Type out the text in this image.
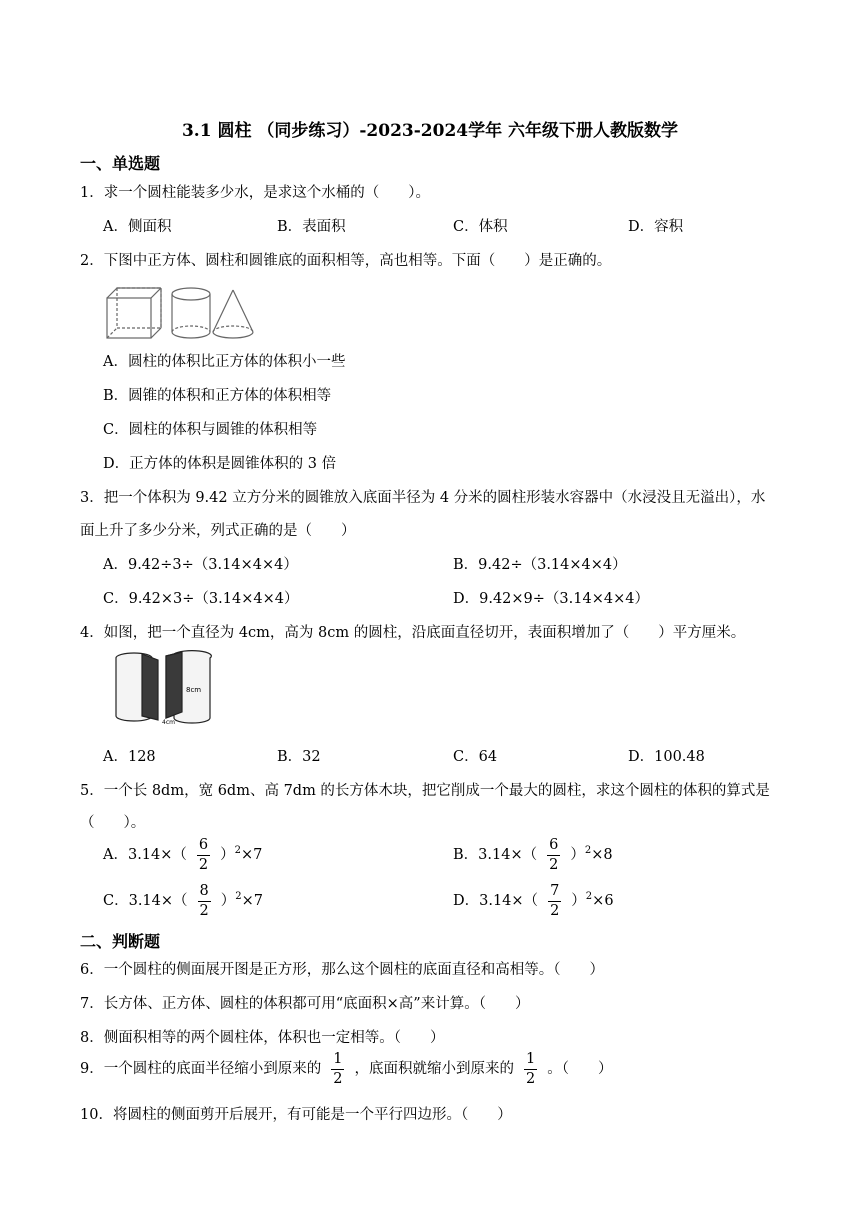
3.1 圆柱 （同步练习）-2023-2024学年 六年级下册人教版数学
一、单选题
1．求一个圆柱能装多少水，是求这个水桶的（　　）。
A．侧面积	B．表面积	C．体积	D．容积
2．下图中正方体、圆柱和圆锥底的面积相等，高也相等。下面（　　）是正确的。
A．圆柱的体积比正方体的体积小一些
B．圆锥的体积和正方体的体积相等
C．圆柱的体积与圆锥的体积相等
D．正方体的体积是圆锥体积的 3 倍
3．把一个体积为 9.42 立方分米的圆锥放入底面半径为 4 分米的圆柱形装水容器中（水浸没且无溢出），水
面上升了多少分米，列式正确的是（　　）
A．9.42÷3÷（3.14×4×4）	B．9.42÷（3.14×4×4）
C．9.42×3÷（3.14×4×4）	D．9.42×9÷（3.14×4×4）
4．如图，把一个直径为 4cm，高为 8cm 的圆柱，沿底面直径切开，表面积增加了（　　）平方厘米。
8cm
4cm
A．128	B．32	C．64	D．100.48
5．一个长 8dm，宽 6dm、高 7dm 的长方体木块，把它削成一个最大的圆柱，求这个圆柱的体积的算式是
（　　）。
A．$3.14\times( \frac{6}{2} )^2\times 7$	B．$3.14\times( \frac{6}{2} )^2\times 8$
C．$3.14\times( \frac{8}{2} )^2\times 7$	D．$3.14\times( \frac{7}{2} )^2\times 6$
二、判断题
6．一个圆柱的侧面展开图是正方形，那么这个圆柱的底面直径和高相等。（　　）
7．长方体、正方体、圆柱的体积都可用“底面积×高”来计算。（　　）
8．侧面积相等的两个圆柱体，体积也一定相等。（　　）
9．一个圆柱的底面半径缩小到原来的 $\frac{1}{2}$ ，底面积就缩小到原来的 $\frac{1}{2}$ 。（　　）
10．将圆柱的侧面剪开后展开，有可能是一个平行四边形。（　　）
